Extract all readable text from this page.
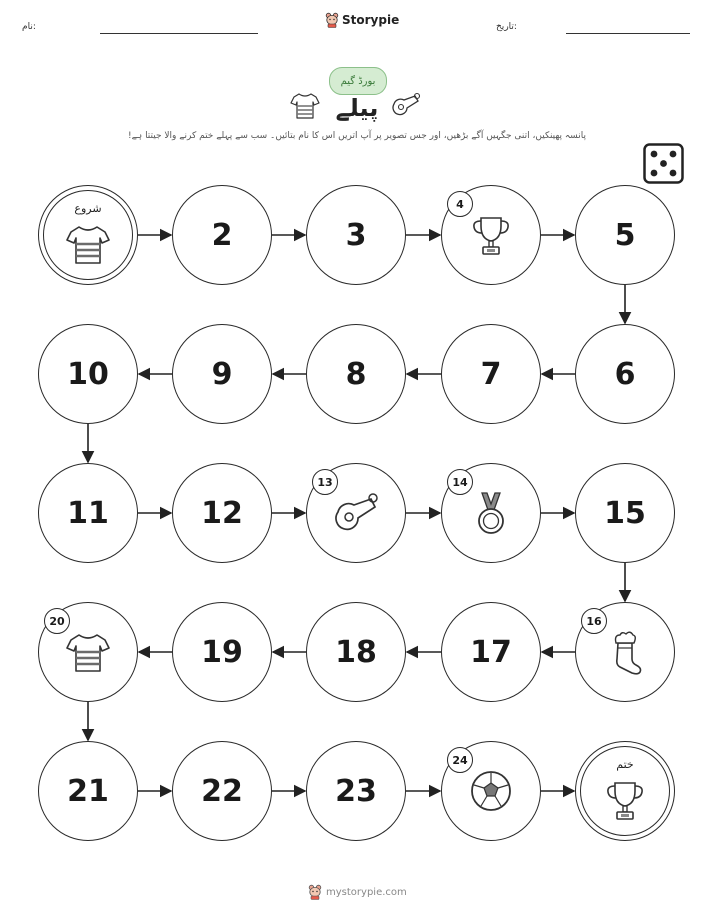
نام:	تاریخ:
Storypie
بورڈ گیم
پیلے
پانسہ پھینکیں، اتنی جگہیں آگے بڑھیں، اور جس تصویر پر آپ اتریں اس کا نام بتائیں۔ سب سے پہلے ختم کرنے والا جیتتا ہے!
شروع
2	3
4
5
6
7
8
9
10
11	12
13	14
15
16
17
18
19
20
21	22	23
24	ختم
mystorypie.com
